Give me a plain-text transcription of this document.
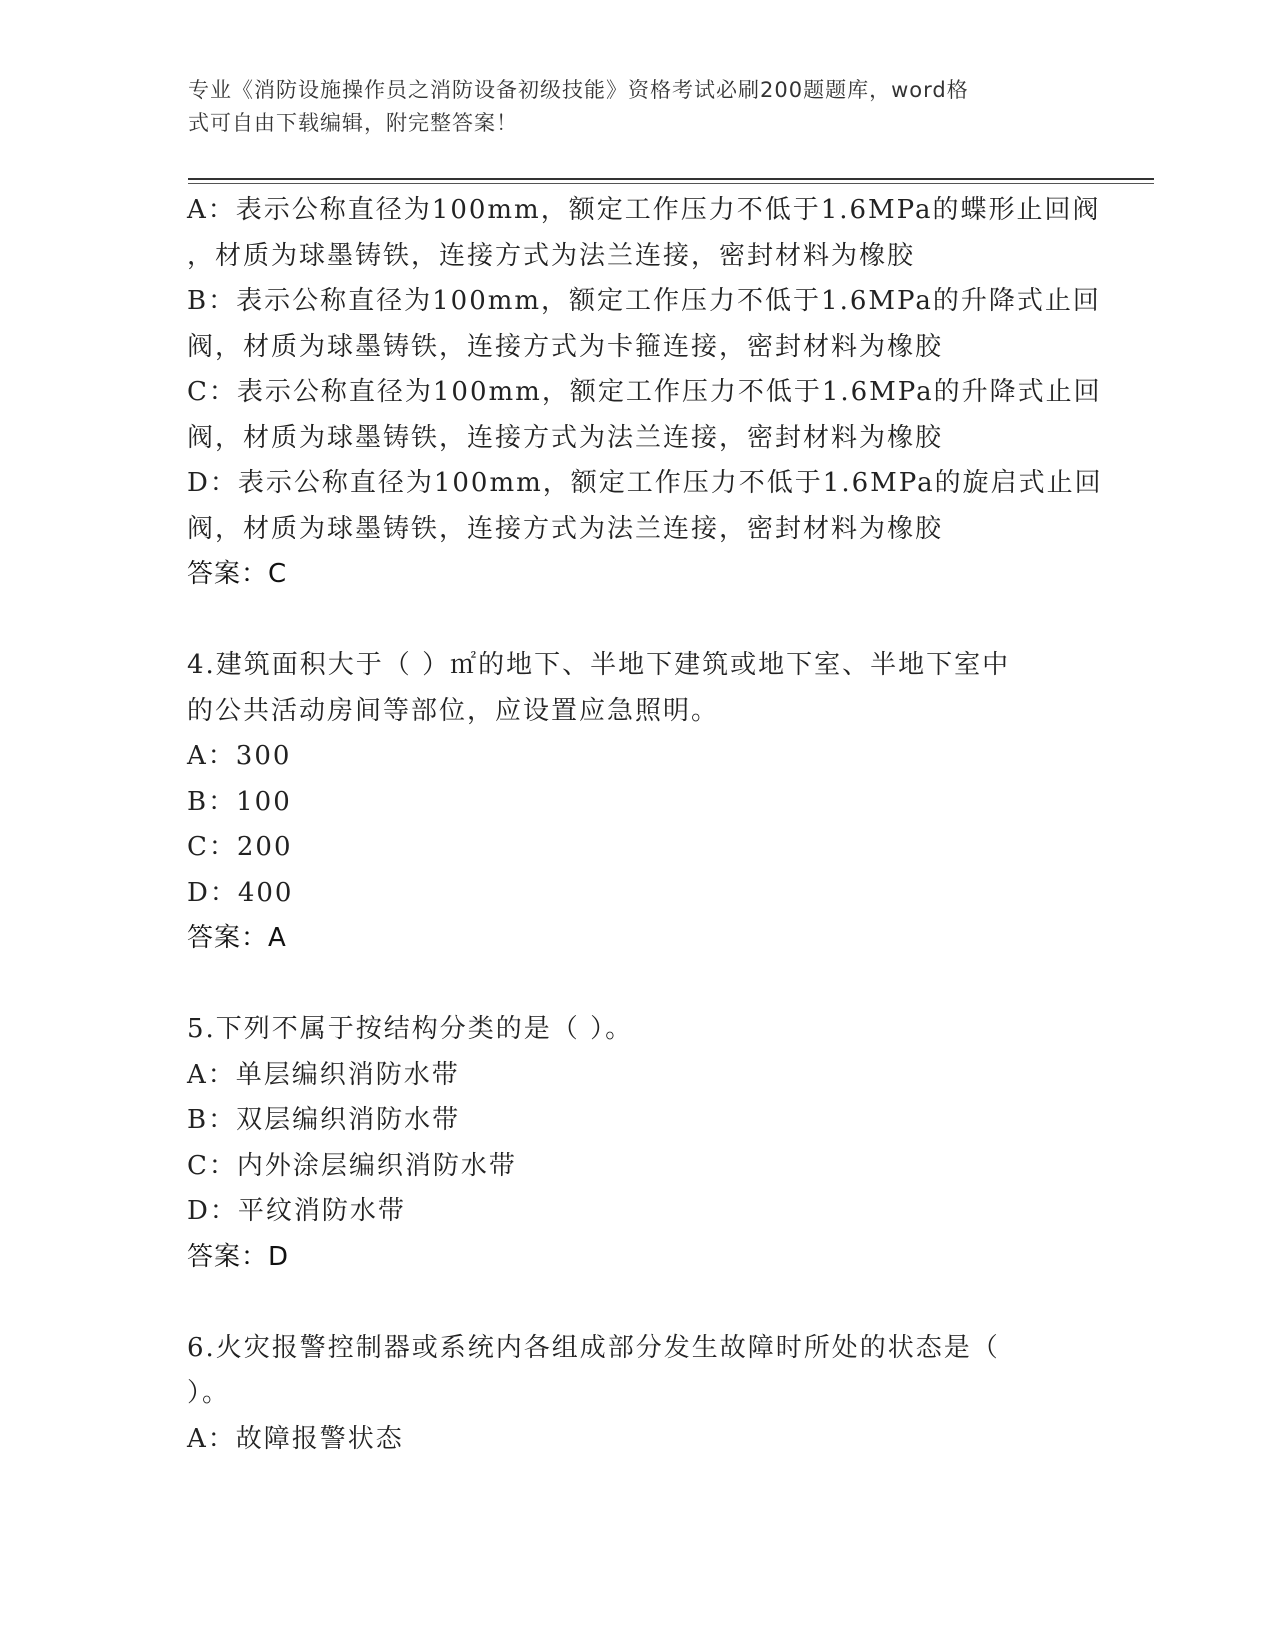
专业《消防设施操作员之消防设备初级技能》资格考试必刷200题题库，word格
式可自由下载编辑，附完整答案！
A：表示公称直径为100mm，额定工作压力不低于1.6MPa的蝶形止回阀
，材质为球墨铸铁，连接方式为法兰连接，密封材料为橡胶
B：表示公称直径为100mm，额定工作压力不低于1.6MPa的升降式止回
阀，材质为球墨铸铁，连接方式为卡箍连接，密封材料为橡胶
C：表示公称直径为100mm，额定工作压力不低于1.6MPa的升降式止回
阀，材质为球墨铸铁，连接方式为法兰连接，密封材料为橡胶
D：表示公称直径为100mm，额定工作压力不低于1.6MPa的旋启式止回
阀，材质为球墨铸铁，连接方式为法兰连接，密封材料为橡胶
答案：C
4.建筑面积大于（ ）㎡的地下、半地下建筑或地下室、半地下室中
的公共活动房间等部位，应设置应急照明。
A：300
B：100
C：200
D：400
答案：A
5.下列不属于按结构分类的是（ ）。
A：单层编织消防水带
B：双层编织消防水带
C：内外涂层编织消防水带
D：平纹消防水带
答案：D
6.火灾报警控制器或系统内各组成部分发生故障时所处的状态是（
）。
A：故障报警状态
